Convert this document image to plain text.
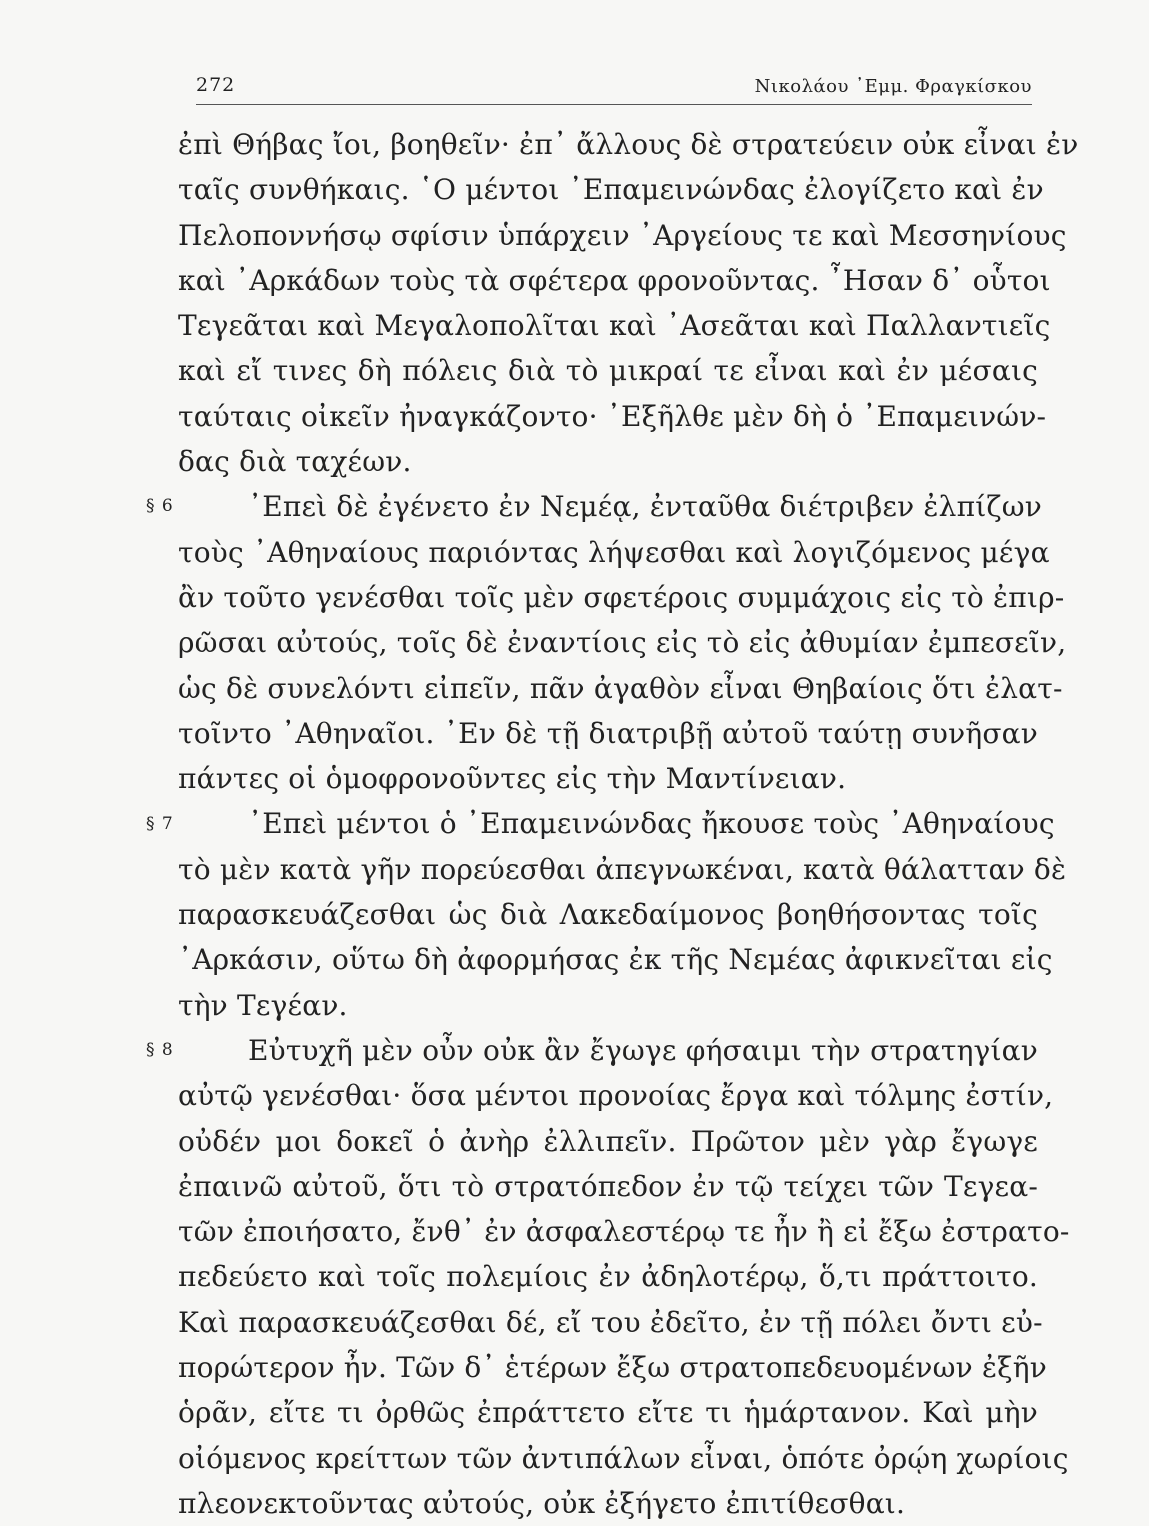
272	Νικολάου ᾿Εμμ. Φραγκίσκου
ἐπὶ Θήβας ἴοι, βοηθεῖν· ἐπ᾿ ἄλλους δὲ στρατεύειν οὐκ εἶναι ἐν
ταῖς συνθήκαις. ῾Ο μέντοι ᾿Επαμεινώνδας ἐλογίζετο καὶ ἐν
Πελοποννήσῳ σφίσιν ὑπάρχειν ᾿Αργείους τε καὶ Μεσσηνίους
καὶ ᾿Αρκάδων τοὺς τὰ σφέτερα φρονοῦντας. ῏Ησαν δ᾿ οὗτοι
Τεγεᾶται καὶ Μεγαλοπολῖται καὶ ᾿Ασεᾶται καὶ Παλλαντιεῖς
καὶ εἴ τινες δὴ πόλεις διὰ τὸ μικραί τε εἶναι καὶ ἐν μέσαις
ταύταις οἰκεῖν ἠναγκάζοντο· ᾿Εξῆλθε μὲν δὴ ὁ ᾿Επαμεινών-
δας διὰ ταχέων.
᾿Επεὶ δὲ ἐγένετο ἐν Νεμέᾳ, ἐνταῦθα διέτριβεν ἐλπίζων
τοὺς ᾿Αθηναίους παριόντας λήψεσθαι καὶ λογιζόμενος μέγα
ἂν τοῦτο γενέσθαι τοῖς μὲν σφετέροις συμμάχοις εἰς τὸ ἐπιρ-
ρῶσαι αὐτούς, τοῖς δὲ ἐναντίοις εἰς τὸ εἰς ἀθυμίαν ἐμπεσεῖν,
ὡς δὲ συνελόντι εἰπεῖν, πᾶν ἀγαθὸν εἶναι Θηβαίοις ὅτι ἐλατ-
τοῖντο ᾿Αθηναῖοι. ᾿Εν δὲ τῇ διατριβῇ αὐτοῦ ταύτῃ συνῆσαν
πάντες οἱ ὁμοφρονοῦντες εἰς τὴν Μαντίνειαν.
᾿Επεὶ μέντοι ὁ ᾿Επαμεινώνδας ἤκουσε τοὺς ᾿Αθηναίους
τὸ μὲν κατὰ γῆν πορεύεσθαι ἀπεγνωκέναι, κατὰ θάλατταν δὲ
παρασκευάζεσθαι ὡς διὰ Λακεδαίμονος βοηθήσοντας τοῖς
᾿Αρκάσιν, οὕτω δὴ ἀφορμήσας ἐκ τῆς Νεμέας ἀφικνεῖται εἰς
τὴν Τεγέαν.
Εὐτυχῆ μὲν οὖν οὐκ ἂν ἔγωγε φήσαιμι τὴν στρατηγίαν
αὐτῷ γενέσθαι· ὅσα μέντοι προνοίας ἔργα καὶ τόλμης ἐστίν,
οὐδέν μοι δοκεῖ ὁ ἀνὴρ ἐλλιπεῖν. Πρῶτον μὲν γὰρ ἔγωγε
ἐπαινῶ αὐτοῦ, ὅτι τὸ στρατόπεδον ἐν τῷ τείχει τῶν Τεγεα-
τῶν ἐποιήσατο, ἔνθ᾿ ἐν ἀσφαλεστέρῳ τε ἦν ἢ εἰ ἔξω ἐστρατο-
πεδεύετο καὶ τοῖς πολεμίοις ἐν ἀδηλοτέρῳ, ὅ,τι πράττοιτο.
Καὶ παρασκευάζεσθαι δέ, εἴ του ἐδεῖτο, ἐν τῇ πόλει ὄντι εὐ-
πορώτερον ἦν. Τῶν δ᾿ ἑτέρων ἔξω στρατοπεδευομένων ἐξῆν
ὁρᾶν, εἴτε τι ὀρθῶς ἐπράττετο εἴτε τι ἡμάρτανον. Καὶ μὴν
οἰόμενος κρείττων τῶν ἀντιπάλων εἶναι, ὁπότε ὀρῴη χωρίοις
πλεονεκτοῦντας αὐτούς, οὐκ ἐξήγετο ἐπιτίθεσθαι.
§ 6
§ 7
§ 8
